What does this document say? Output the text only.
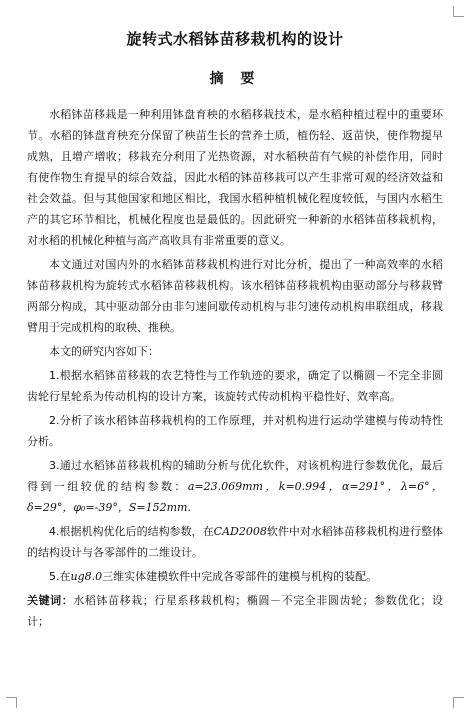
旋转式水稻钵苗移栽机构的设计
摘 要

水稻钵苗移栽是一种利用钵盘育秧的水稻移栽技术，是水稻种植过程中的重要环节。水稻的钵盘育秧充分保留了秧苗生长的营养土质，植伤轻、返苗快，使作物提早成熟，且增产增收；移栽充分利用了光热资源，对水稻秧苗有气候的补偿作用，同时有使作物生育提早的综合效益，因此水稻的钵苗移栽可以产生非常可观的经济效益和社会效益。但与其他国家和地区相比，我国水稻种植机械化程度较低，与国内水稻生产的其它环节相比，机械化程度也是最低的。因此研究一种新的水稻钵苗移栽机构，对水稻的机械化种植与高产高收具有非常重要的意义。

本文通过对国内外的水稻钵苗移栽机构进行对比分析，提出了一种高效率的水稻钵苗移栽机构为旋转式水稻钵苗移栽机构。该水稻钵苗移栽机构由驱动部分与移栽臂两部分构成，其中驱动部分由非匀速间歇传动机构与非匀速传动机构串联组成，移栽臂用于完成机构的取秧、推秧。

本文的研究内容如下：

1.根据水稻钵苗移栽的农艺特性与工作轨迹的要求，确定了以椭圆－不完全非圆齿轮行星轮系为传动机构的设计方案，该旋转式传动机构平稳性好、效率高。

2.分析了该水稻钵苗移栽机构的工作原理，并对机构进行运动学建模与传动特性分析。

3.通过水稻钵苗移栽机构的辅助分析与优化软件，对该机构进行参数优化，最后得到一组较优的结构参数：a=23.069mm，k=0.994，α=291°，λ=6°，δ=29°，φ₀=-39°，S=152mm.

4.根据机构优化后的结构参数，在CAD2008软件中对水稻钵苗移栽机构进行整体的结构设计与各零部件的二维设计。

5.在ug8.0三维实体建模软件中完成各零部件的建模与机构的装配。

关键词：水稻钵苗移栽；行星系移栽机构；椭圆－不完全非圆齿轮；参数优化；设计；
